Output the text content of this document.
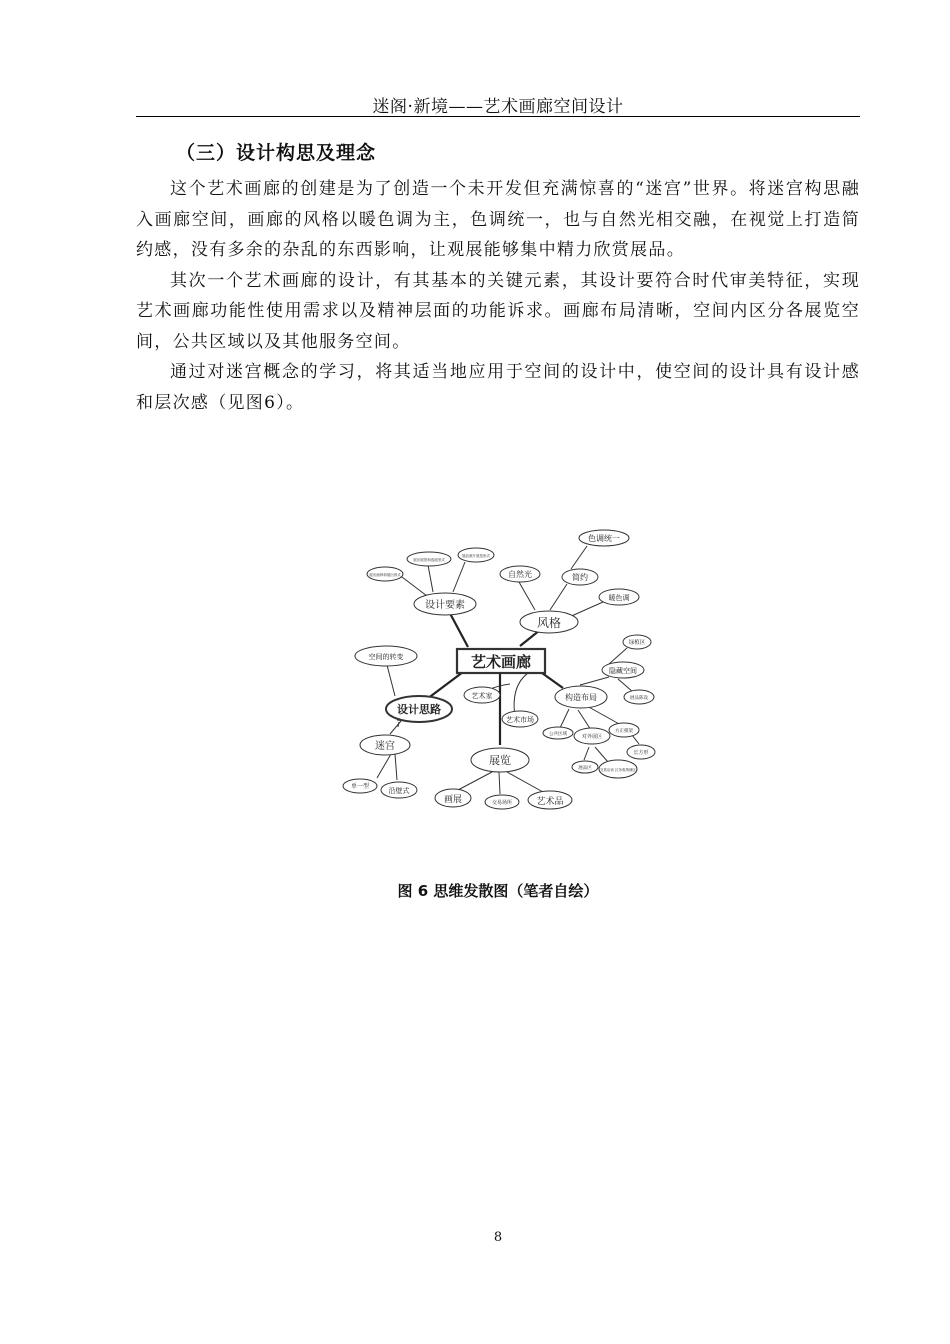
迷阁·新境——艺术画廊空间设计
（三）设计构思及理念

这个艺术画廊的创建是为了创造一个未开发但充满惊喜的“迷宫”世界。将迷宫构思融入画廊空间，画廊的风格以暖色调为主，色调统一，也与自然光相交融，在视觉上打造简约感，没有多余的杂乱的东西影响，让观展能够集中精力欣赏展品。

其次一个艺术画廊的设计，有其基本的关键元素，其设计要符合时代审美特征，实现艺术画廊功能性使用需求以及精神层面的功能诉求。画廊布局清晰，空间内区分各展览空间，公共区域以及其他服务空间。

通过对迷宫概念的学习，将其适当地应用于空间的设计中，使空间的设计具有设计感和层次感（见图6）。

艺术画廊
设计要素
展出画种和展出形式
展出展馆和选展形式
展品照片展览形式
风格
自然光	简约
色调统一
暖色调
空间的转变
设计思路
迷宫
单一型
沿壁式
艺术家
艺术市场
展览
画展	交易场所	艺术品
构造布局
绿植区
隐藏空间
展品陈设
公共区域	对外展区
方正模架
长方形
展品区 交易洽谈 区务收纳储区
图 6 思维发散图（笔者自绘）
8
